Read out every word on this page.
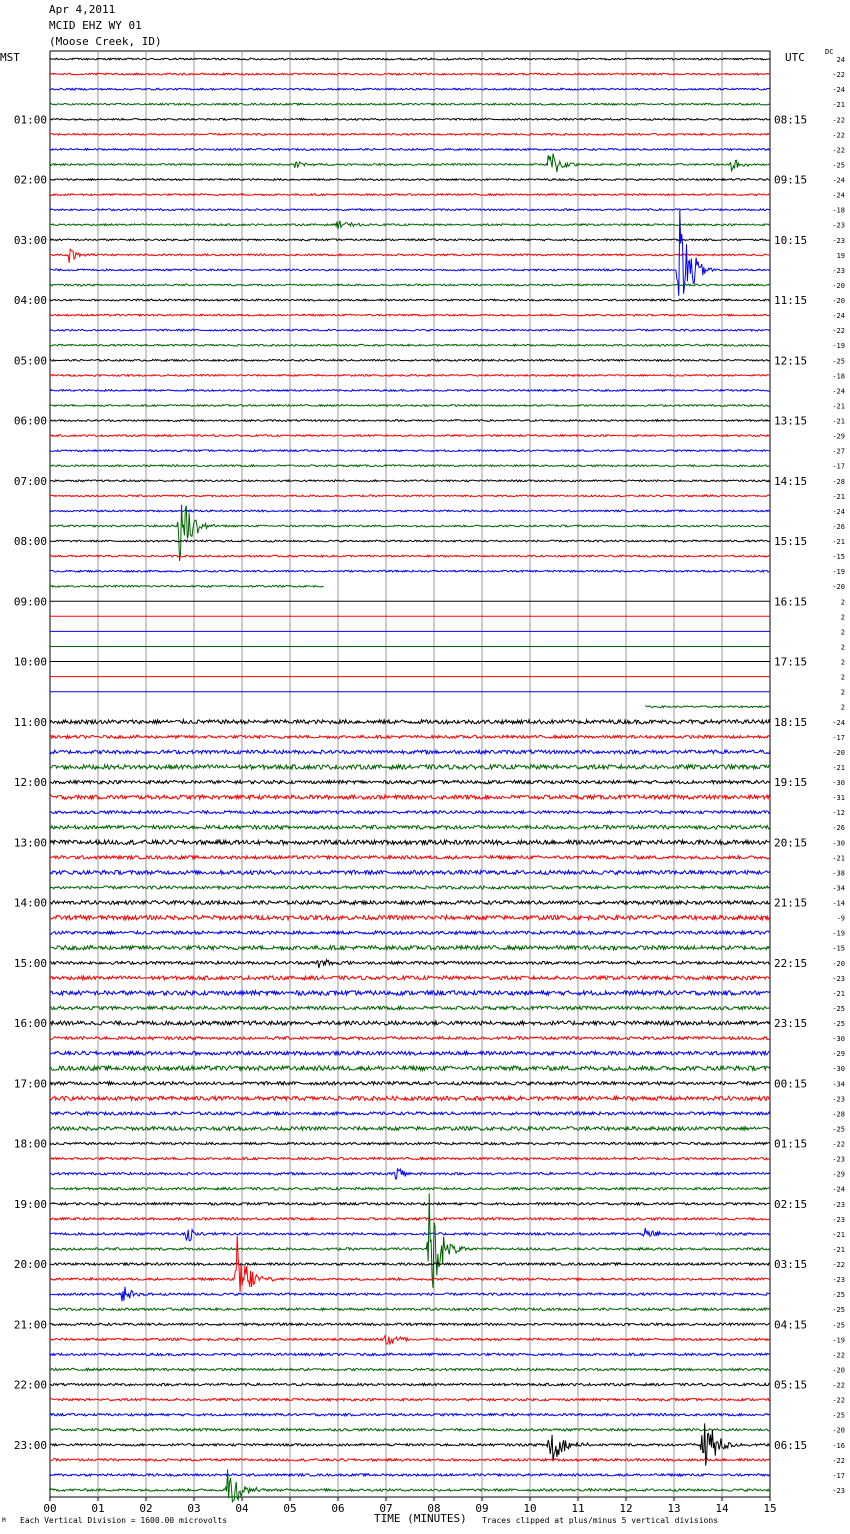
Apr 4,2011
MCID EHZ WY 01
(Moose Creek, ID)
MST	UTC	DC
00	01	02	03	04	05	06	07	08	09	10	11	12	13	14	15
24
-22
-24
-21
-22
-22
-22
-25
-24
-24
-18
-23
-23
19
-23
-20
-20
-24
-22
-19
-25
-18
-24
-21
-21
-29
-27
-17
-28
-21
-24
-26
-21
-15
-19
-20
2
2
2
2
2
2
2
2
-24
-17
-20
-21
-30
-31
-12
-26
-30
-21
-38
-34
-14
-9
-19
-15
-20
-23
-21
-25
-25
-30
-29
-30
-34
-23
-28
-25
-22
-23
-29
-24
-23
-23
-21
-21
-22
-23
-25
-25
-25
-19
-22
-20
-22
-22
-25
-20
-16
-22
-17
-23
01:00	08:15
02:00	09:15
03:00	10:15
04:00	11:15
05:00	12:15
06:00	13:15
07:00	14:15
08:00	15:15
09:00	16:15
10:00	17:15
11:00	18:15
12:00	19:15
13:00	20:15
14:00	21:15
15:00	22:15
16:00	23:15
17:00	00:15
18:00	01:15
19:00	02:15
20:00	03:15
21:00	04:15
22:00	05:15
23:00	06:15
TIME (MINUTES)
Each Vertical Division = 1600.00 microvolts	Traces clipped at plus/minus 5 vertical divisions
M
